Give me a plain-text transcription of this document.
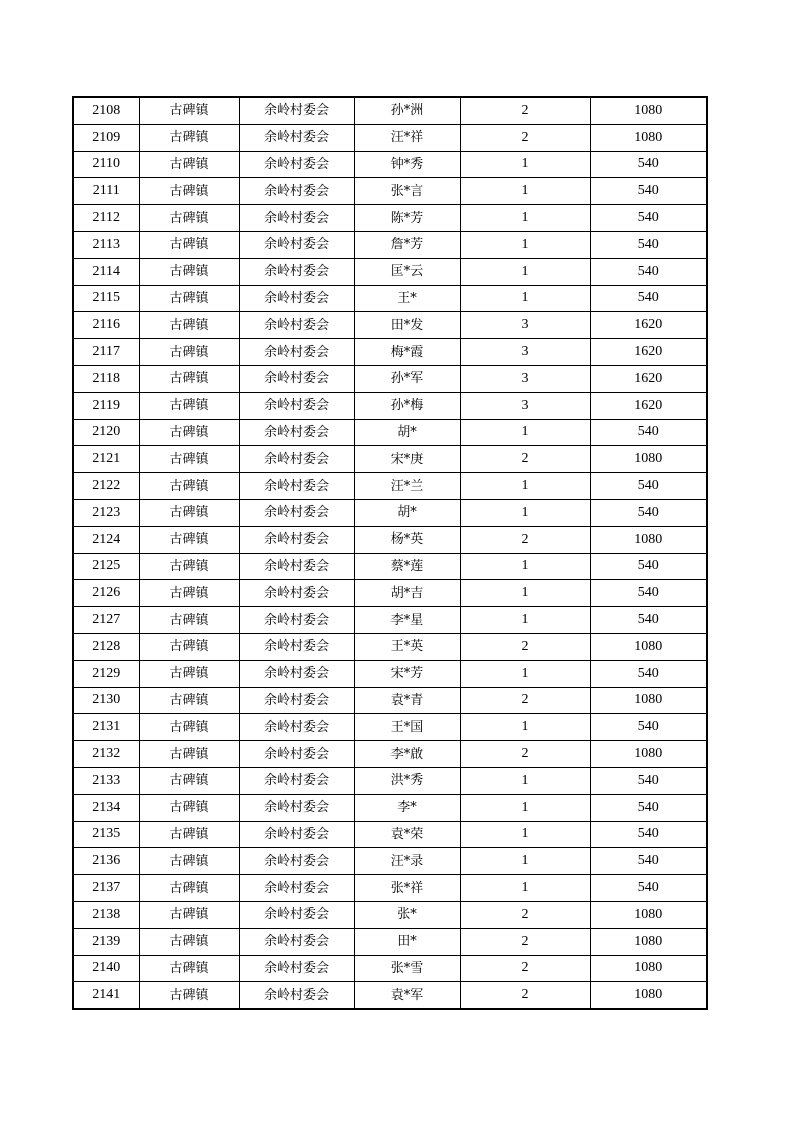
2108	古碑镇	余岭村委会	孙*洲	2	1080
2109	古碑镇	余岭村委会	汪*祥	2	1080
2110	古碑镇	余岭村委会	钟*秀	1	540
2111	古碑镇	余岭村委会	张*言	1	540
2112	古碑镇	余岭村委会	陈*芳	1	540
2113	古碑镇	余岭村委会	詹*芳	1	540
2114	古碑镇	余岭村委会	匡*云	1	540
2115	古碑镇	余岭村委会	王*	1	540
2116	古碑镇	余岭村委会	田*发	3	1620
2117	古碑镇	余岭村委会	梅*霞	3	1620
2118	古碑镇	余岭村委会	孙*军	3	1620
2119	古碑镇	余岭村委会	孙*梅	3	1620
2120	古碑镇	余岭村委会	胡*	1	540
2121	古碑镇	余岭村委会	宋*庚	2	1080
2122	古碑镇	余岭村委会	汪*兰	1	540
2123	古碑镇	余岭村委会	胡*	1	540
2124	古碑镇	余岭村委会	杨*英	2	1080
2125	古碑镇	余岭村委会	蔡*莲	1	540
2126	古碑镇	余岭村委会	胡*吉	1	540
2127	古碑镇	余岭村委会	李*星	1	540
2128	古碑镇	余岭村委会	王*英	2	1080
2129	古碑镇	余岭村委会	宋*芳	1	540
2130	古碑镇	余岭村委会	袁*青	2	1080
2131	古碑镇	余岭村委会	王*国	1	540
2132	古碑镇	余岭村委会	李*啟	2	1080
2133	古碑镇	余岭村委会	洪*秀	1	540
2134	古碑镇	余岭村委会	李*	1	540
2135	古碑镇	余岭村委会	袁*荣	1	540
2136	古碑镇	余岭村委会	汪*录	1	540
2137	古碑镇	余岭村委会	张*祥	1	540
2138	古碑镇	余岭村委会	张*	2	1080
2139	古碑镇	余岭村委会	田*	2	1080
2140	古碑镇	余岭村委会	张*雪	2	1080
2141	古碑镇	余岭村委会	袁*军	2	1080
